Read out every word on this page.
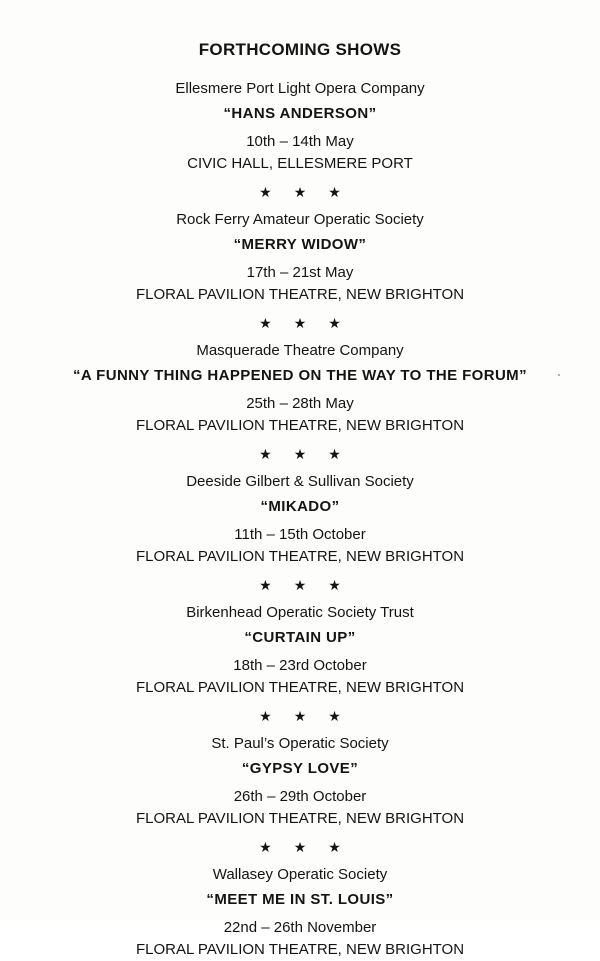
FORTHCOMING SHOWS
Ellesmere Port Light Opera Company
“HANS ANDERSON”
10th – 14th May
CIVIC HALL, ELLESMERE PORT
★★★
Rock Ferry Amateur Operatic Society
“MERRY WIDOW”
17th – 21st May
FLORAL PAVILION THEATRE, NEW BRIGHTON
★★★
Masquerade Theatre Company
“A FUNNY THING HAPPENED ON THE WAY TO THE FORUM”
25th – 28th May
FLORAL PAVILION THEATRE, NEW BRIGHTON
★★★
Deeside Gilbert & Sullivan Society
“MIKADO”
11th – 15th October
FLORAL PAVILION THEATRE, NEW BRIGHTON
★★★
Birkenhead Operatic Society Trust
“CURTAIN UP”
18th – 23rd October
FLORAL PAVILION THEATRE, NEW BRIGHTON
★★★
St. Paul’s Operatic Society
“GYPSY LOVE”
26th – 29th October
FLORAL PAVILION THEATRE, NEW BRIGHTON
★★★
Wallasey Operatic Society
“MEET ME IN ST. LOUIS”
22nd – 26th November
FLORAL PAVILION THEATRE, NEW BRIGHTON
